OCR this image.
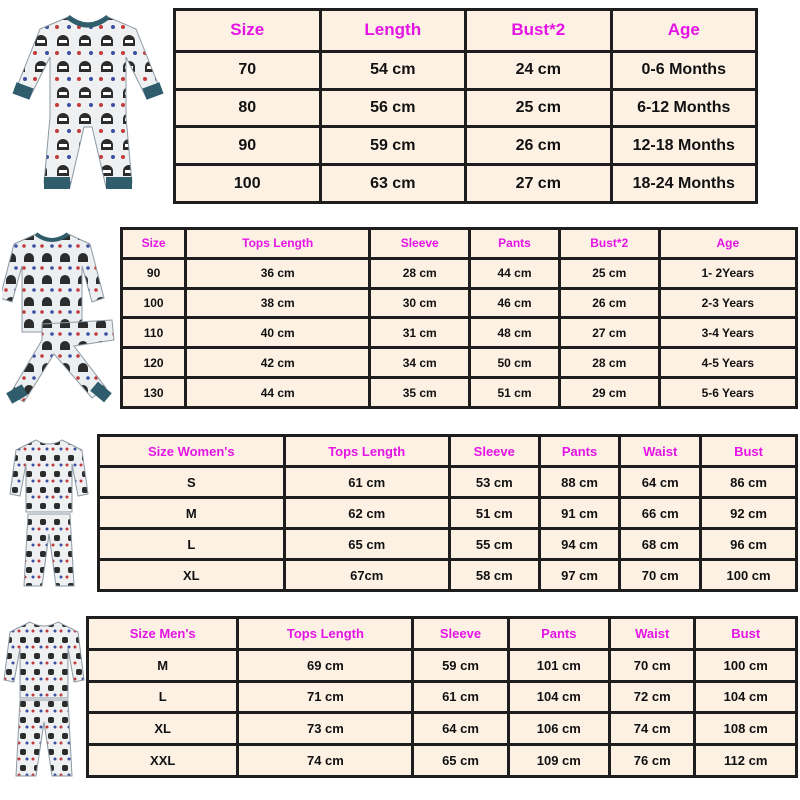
Size	Length	Bust*2	Age
70	54 cm	24 cm	0-6 Months
80	56 cm	25 cm	6-12 Months
90	59 cm	26 cm	12-18 Months
100	63 cm	27 cm	18-24 Months
Size	Tops Length	Sleeve	Pants	Bust*2	Age
90	36 cm	28 cm	44 cm	25 cm	1- 2Years
100	38 cm	30 cm	46 cm	26 cm	2-3 Years
110	40 cm	31 cm	48 cm	27 cm	3-4 Years
120	42 cm	34 cm	50 cm	28 cm	4-5 Years
130	44 cm	35 cm	51 cm	29 cm	5-6 Years
Size Women's	Tops Length	Sleeve	Pants	Waist	Bust
S	61 cm	53 cm	88 cm	64 cm	86 cm
M	62 cm	51 cm	91 cm	66 cm	92 cm
L	65 cm	55 cm	94 cm	68 cm	96 cm
XL	67cm	58 cm	97 cm	70 cm	100 cm
Size Men's	Tops Length	Sleeve	Pants	Waist	Bust
M	69 cm	59 cm	101 cm	70 cm	100 cm
L	71 cm	61 cm	104 cm	72 cm	104 cm
XL	73 cm	64 cm	106 cm	74 cm	108 cm
XXL	74 cm	65 cm	109 cm	76 cm	112 cm
